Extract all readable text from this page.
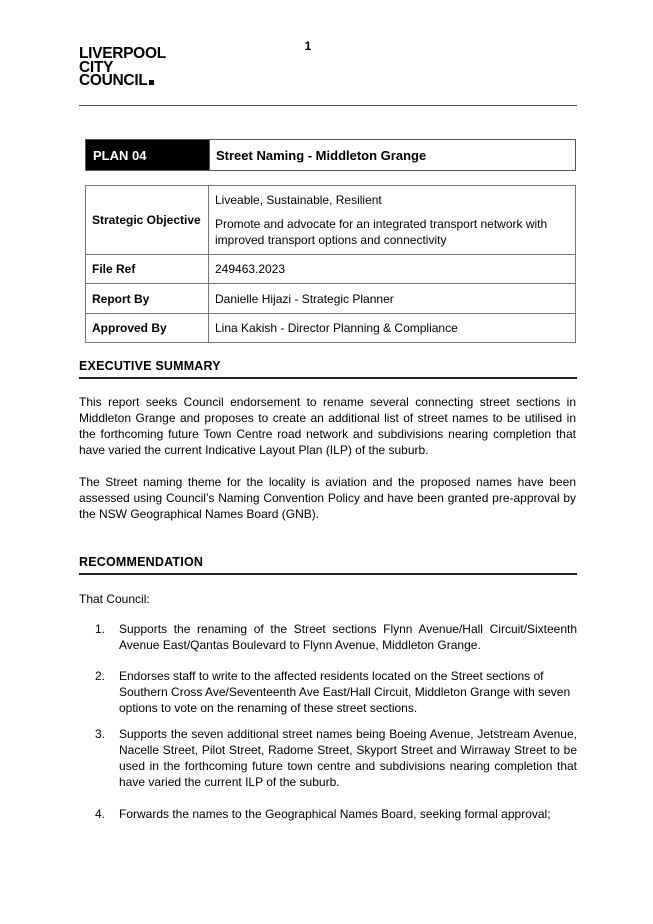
1
LIVERPOOL
CITY
COUNCIL
PLAN 04	Street Naming - Middleton Grange
Strategic Objective	Liveable, Sustainable, Resilient
Promote and advocate for an integrated transport network with improved transport options and connectivity

File Ref	249463.2023
Report By	Danielle Hijazi - Strategic Planner
Approved By	Lina Kakish - Director Planning & Compliance
EXECUTIVE SUMMARY
This report seeks Council endorsement to rename several connecting street sections in Middleton Grange and proposes to create an additional list of street names to be utilised in the forthcoming future Town Centre road network and subdivisions nearing completion that have varied the current Indicative Layout Plan (ILP) of the suburb.
The Street naming theme for the locality is aviation and the proposed names have been assessed using Council’s Naming Convention Policy and have been granted pre-approval by the NSW Geographical Names Board (GNB).
RECOMMENDATION
That Council:
1.	Supports the renaming of the Street sections Flynn Avenue/Hall Circuit/Sixteenth Avenue East/Qantas Boulevard to Flynn Avenue, Middleton Grange.
2.	Endorses staff to write to the affected residents located on the Street sections of Southern Cross Ave/Seventeenth Ave East/Hall Circuit, Middleton Grange with seven options to vote on the renaming of these street sections.
3.	Supports the seven additional street names being Boeing Avenue, Jetstream Avenue, Nacelle Street, Pilot Street, Radome Street, Skyport Street and Wirraway Street to be used in the forthcoming future town centre and subdivisions nearing completion that have varied the current ILP of the suburb.
4.	Forwards the names to the Geographical Names Board, seeking formal approval;
